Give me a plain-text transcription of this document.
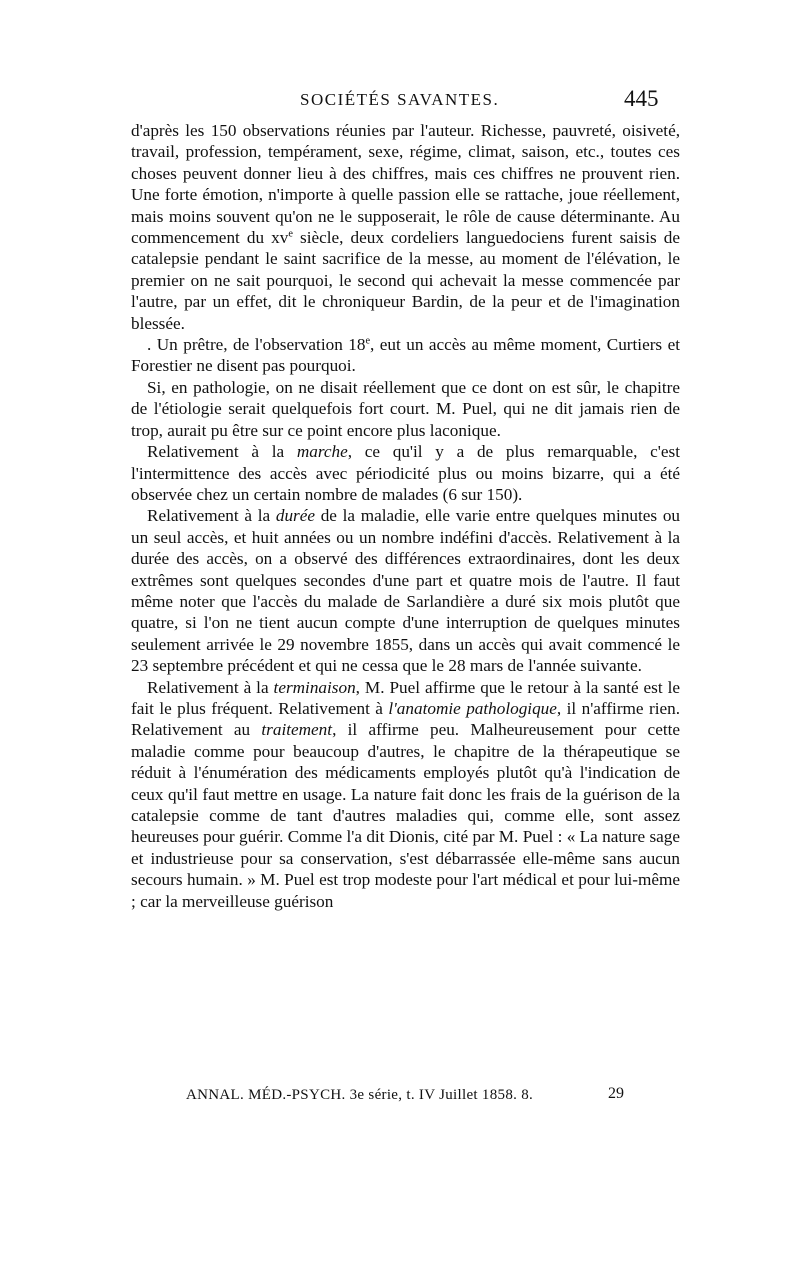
SOCIÉTÉS SAVANTES.	445

d'après les 150 observations réunies par l'auteur. Richesse, pauvreté, oisiveté, travail, profession, tempérament, sexe, régime, climat, saison, etc., toutes ces choses peuvent donner lieu à des chiffres, mais ces chiffres ne prouvent rien. Une forte émotion, n'importe à quelle passion elle se rattache, joue réellement, mais moins souvent qu'on ne le supposerait, le rôle de cause déterminante. Au commencement du $xv^e$ siècle, deux cordeliers languedociens furent saisis de catalepsie pendant le saint sacrifice de la messe, au moment de l'élévation, le premier on ne sait pourquoi, le second qui achevait la messe commencée par l'autre, par un effet, dit le chroniqueur Bardin, de la peur et de l'imagination blessée.

. Un prêtre, de l'observation 18e, eut un accès au même moment, Curtiers et Forestier ne disent pas pourquoi.

Si, en pathologie, on ne disait réellement que ce dont on est sûr, le chapitre de l'étiologie serait quelquefois fort court. M. Puel, qui ne dit jamais rien de trop, aurait pu être sur ce point encore plus laconique.

Relativement à la marche, ce qu'il y a de plus remarquable, c'est l'intermittence des accès avec périodicité plus ou moins bizarre, qui a été observée chez un certain nombre de malades (6 sur 150).

Relativement à la durée de la maladie, elle varie entre quelques minutes ou un seul accès, et huit années ou un nombre indéfini d'accès. Relativement à la durée des accès, on a observé des différences extraordinaires, dont les deux extrêmes sont quelques secondes d'une part et quatre mois de l'autre. Il faut même noter que l'accès du malade de Sarlandière a duré six mois plutôt que quatre, si l'on ne tient aucun compte d'une interruption de quelques minutes seulement arrivée le 29 novembre 1855, dans un accès qui avait commencé le 23 septembre précédent et qui ne cessa que le 28 mars de l'année suivante.

Relativement à la terminaison, M. Puel affirme que le retour à la santé est le fait le plus fréquent. Relativement à l'anatomie pathologique, il n'affirme rien. Relativement au traitement, il affirme peu. Malheureusement pour cette maladie comme pour beaucoup d'autres, le chapitre de la thérapeutique se réduit à l'énumération des médicaments employés plutôt qu'à l'indication de ceux qu'il faut mettre en usage. La nature fait donc les frais de la guérison de la catalepsie comme de tant d'autres maladies qui, comme elle, sont assez heureuses pour guérir. Comme l'a dit Dionis, cité par M. Puel : « La nature sage et industrieuse pour sa conservation, s'est débarrassée elle-même sans aucun secours humain. » M. Puel est trop modeste pour l'art médical et pour lui-même ; car la merveilleuse guérison

ANNAL. MÉD.-PSYCH. 3e série, t. IV Juillet 1858. 8.	29
